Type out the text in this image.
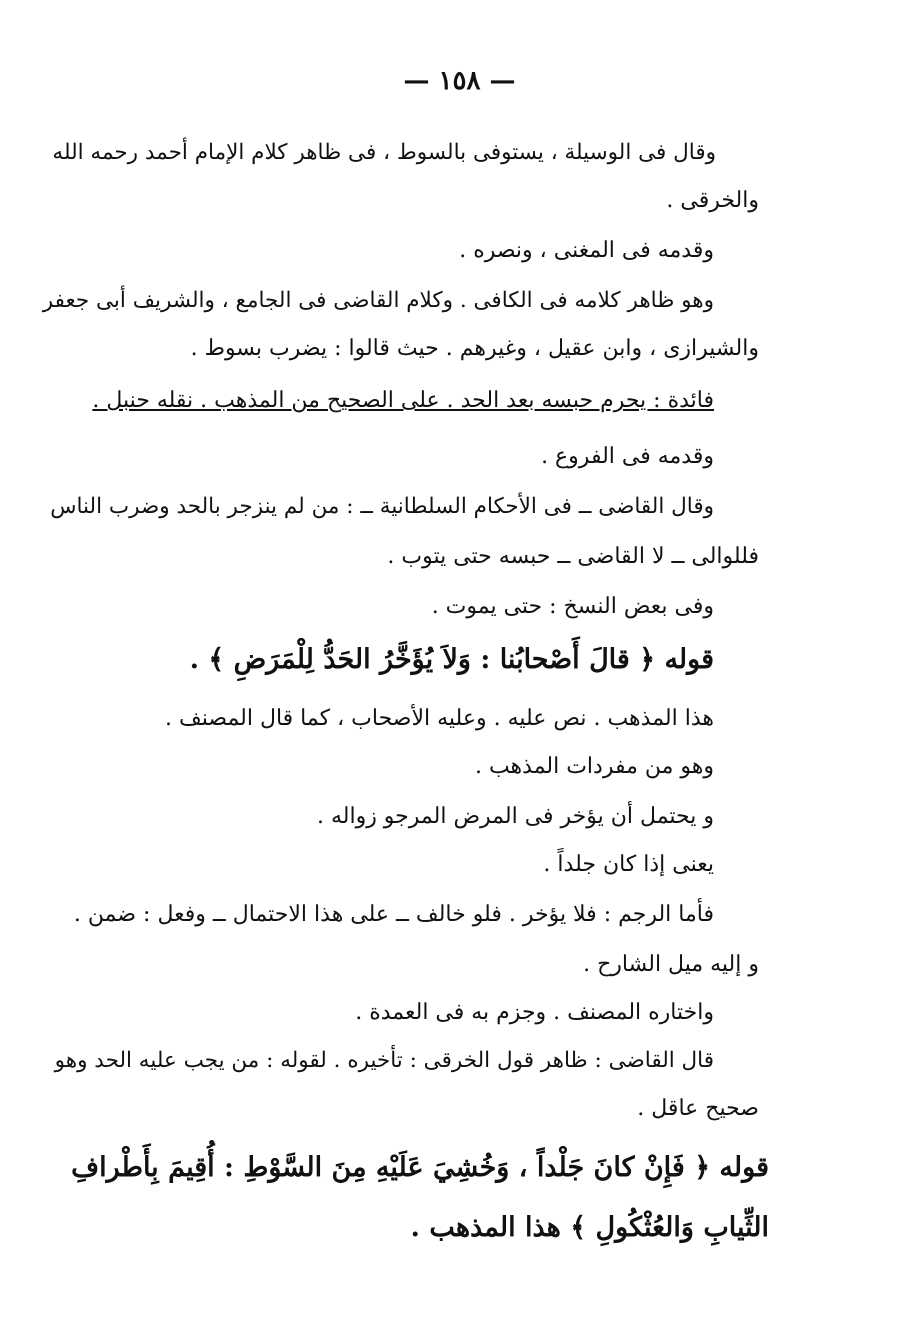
— ١٥٨ —
وقال فى الوسيلة ، يستوفى بالسوط ، فى ظاهر كلام الإمام أحمد رحمه الله
والخرقى .
وقدمه فى المغنى ، ونصره .
وهو ظاهر كلامه فى الكافى . وكلام القاضى فى الجامع ، والشريف أبى جعفر
والشيرازى ، وابن عقيل ، وغيرهم . حيث قالوا : يضرب بسوط .
فائدة : يحرم حبسه بعد الحد . على الصحيح من المذهب . نقله حنبل .
وقدمه فى الفروع .
وقال القاضى ــ فى الأحكام السلطانية ــ : من لم ينزجر بالحد وضرب الناس
فللوالى ــ لا القاضى ــ حبسه حتى يتوب .
وفى بعض النسخ : حتى يموت .
قوله ﴿ قالَ أَصْحابُنا : وَلاَ يُؤَخَّرُ الحَدُّ لِلْمَرَضِ ﴾ .
هذا المذهب . نص عليه . وعليه الأصحاب ، كما قال المصنف .
وهو من مفردات المذهب .
و يحتمل أن يؤخر فى المرض المرجو زواله .
يعنى إذا كان جلداً .
فأما الرجم : فلا يؤخر . فلو خالف ــ على هذا الاحتمال ــ وفعل : ضمن .
و إليه ميل الشارح .
واختاره المصنف . وجزم به فى العمدة .
قال القاضى : ظاهر قول الخرقى : تأخيره . لقوله : من يجب عليه الحد وهو
صحيح عاقل .
قوله ﴿ فَإِنْ كانَ جَلْداً ، وَخُشِيَ عَلَيْهِ مِنَ السَّوْطِ : أُقِيمَ بِأَطْرافِ
الثِّيابِ وَالعُثْكُولِ ﴾ هذا المذهب .
